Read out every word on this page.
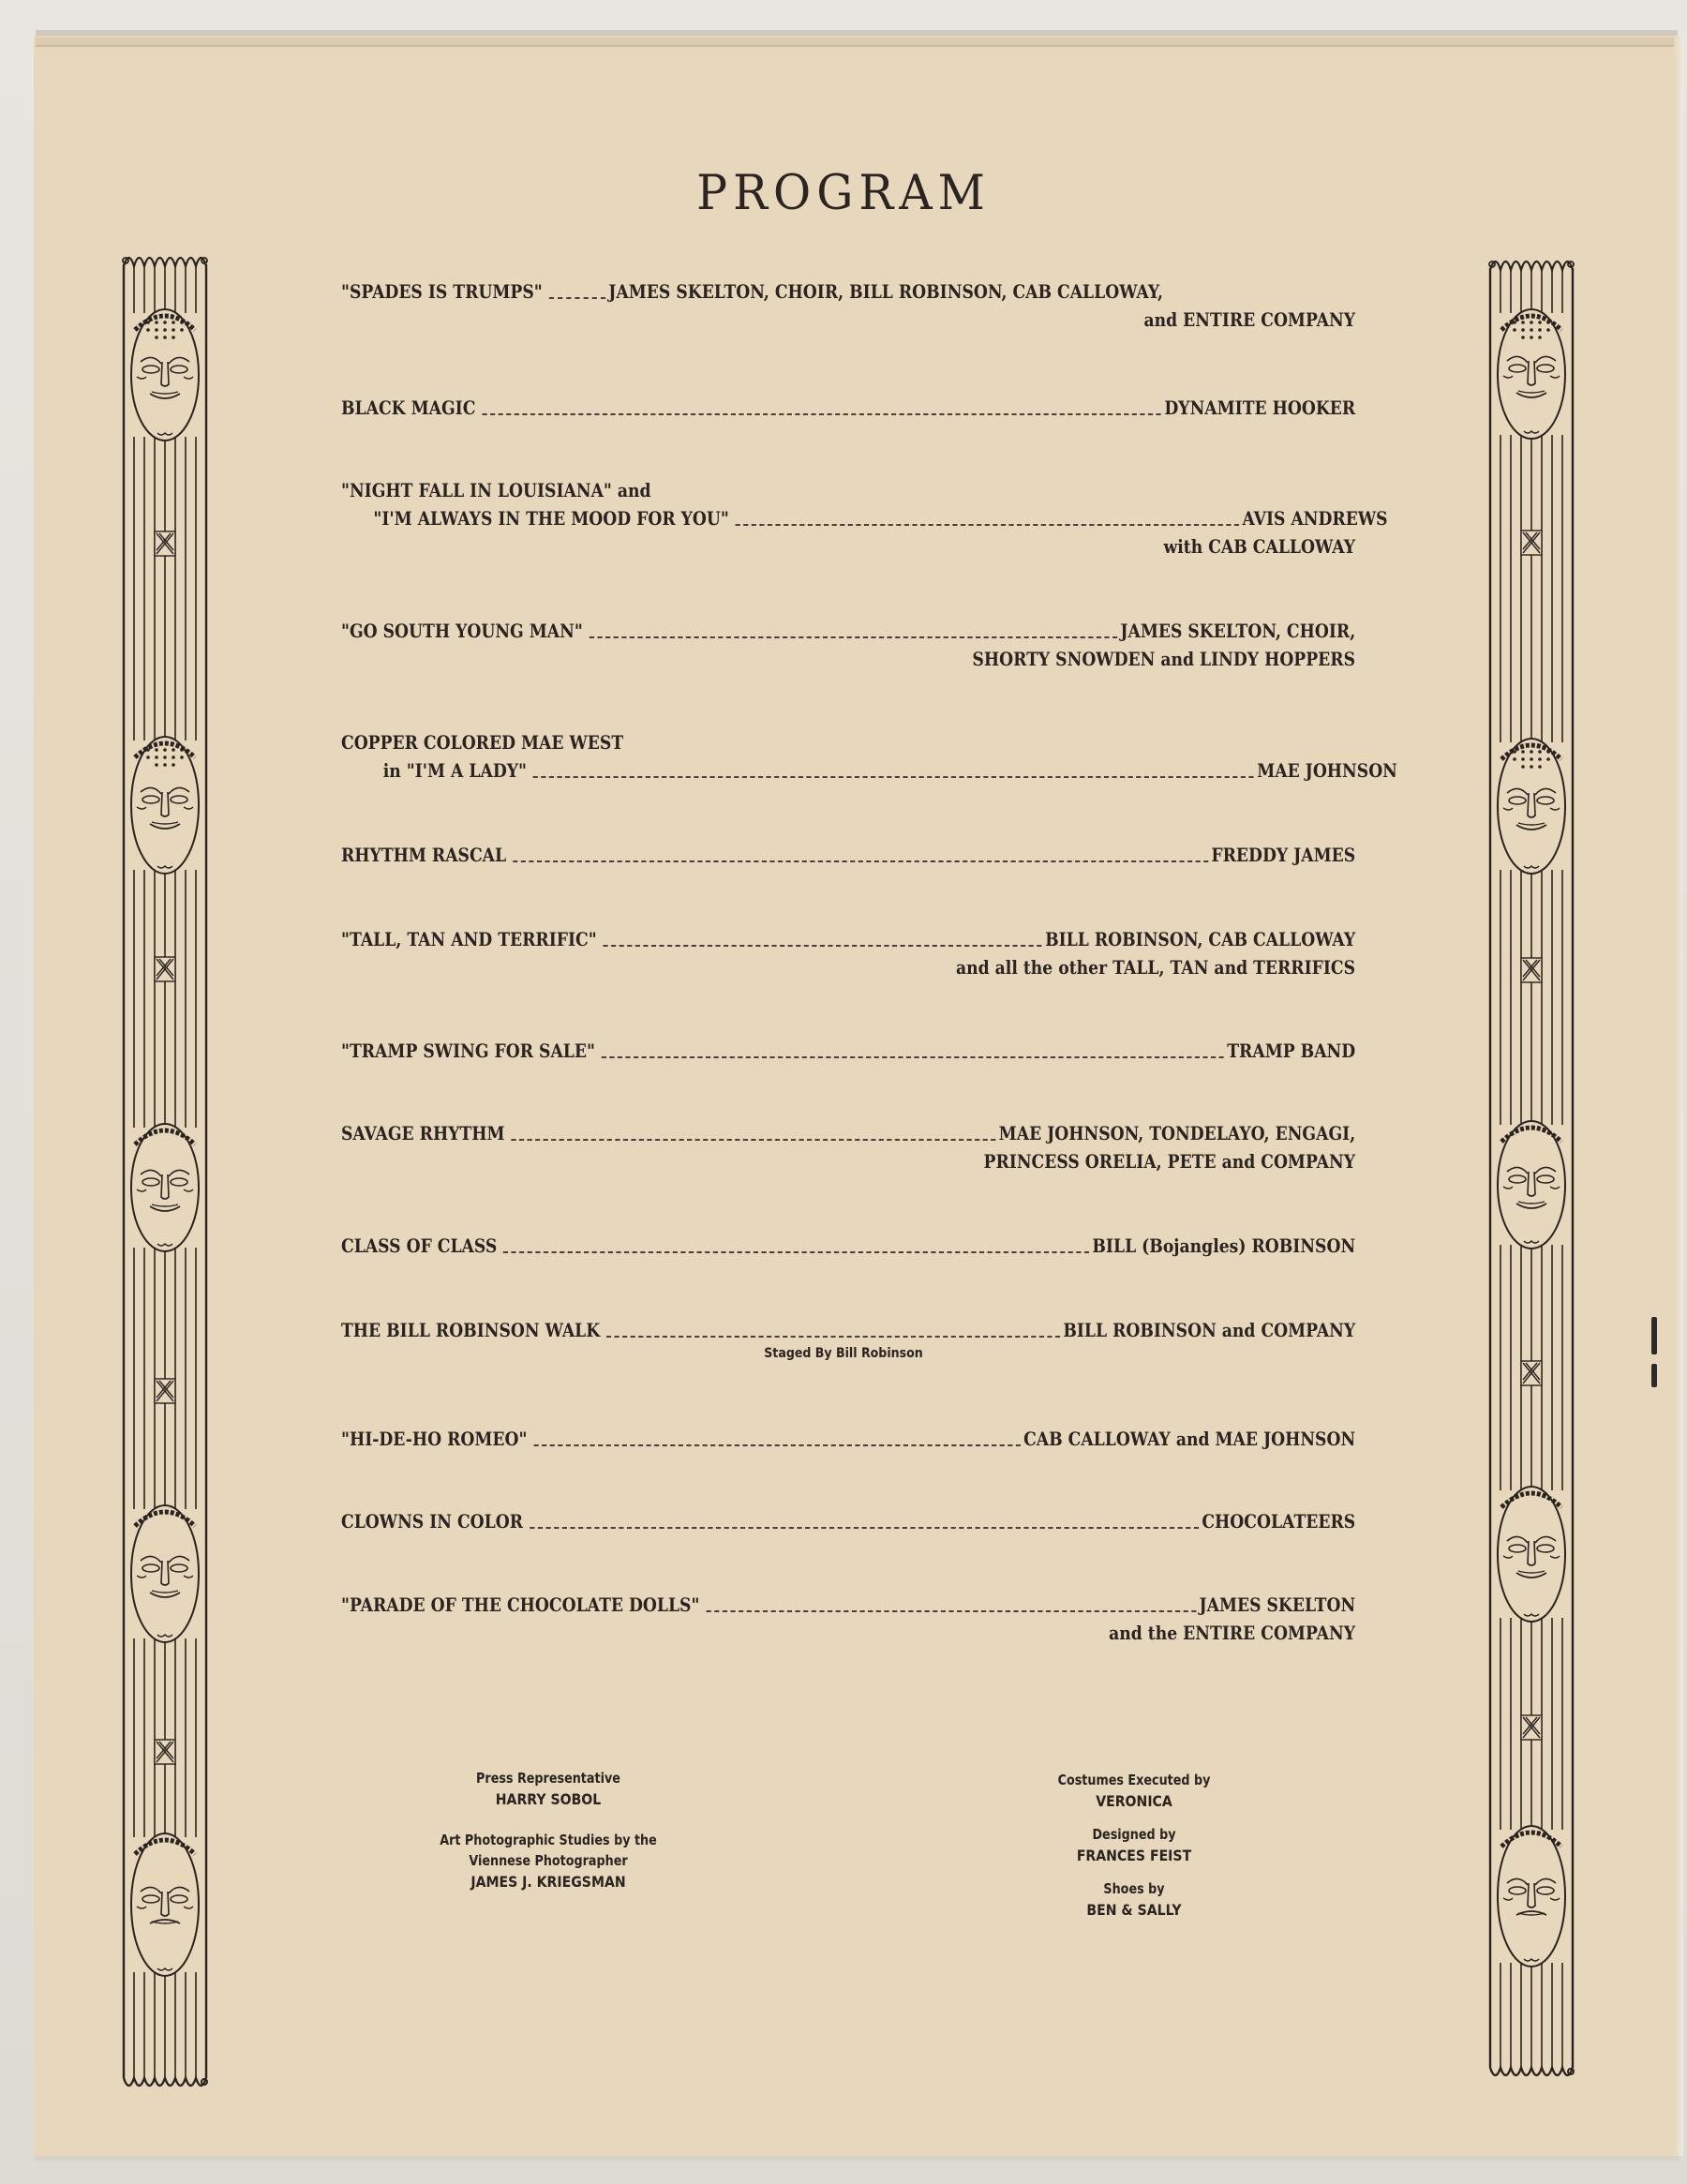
PROGRAM
"SPADES IS TRUMPS"	JAMES SKELTON, CHOIR, BILL ROBINSON, CAB CALLOWAY,
and ENTIRE COMPANY
BLACK MAGIC	DYNAMITE HOOKER
"NIGHT FALL IN LOUISIANA" and
"I'M ALWAYS IN THE MOOD FOR YOU"	AVIS ANDREWS
with CAB CALLOWAY
"GO SOUTH YOUNG MAN"	JAMES SKELTON, CHOIR,
SHORTY SNOWDEN and LINDY HOPPERS
COPPER COLORED MAE WEST
in "I'M A LADY"	MAE JOHNSON
RHYTHM RASCAL	FREDDY JAMES
"TALL, TAN AND TERRIFIC"	BILL ROBINSON, CAB CALLOWAY
and all the other TALL, TAN and TERRIFICS
"TRAMP SWING FOR SALE"	TRAMP BAND
SAVAGE RHYTHM	MAE JOHNSON, TONDELAYO, ENGAGI,
PRINCESS ORELIA, PETE and COMPANY
CLASS OF CLASS	BILL (Bojangles) ROBINSON
THE BILL ROBINSON WALK	BILL ROBINSON and COMPANY
Staged By Bill Robinson
"HI-DE-HO ROMEO"	CAB CALLOWAY and MAE JOHNSON
CLOWNS IN COLOR	CHOCOLATEERS
"PARADE OF THE CHOCOLATE DOLLS"	JAMES SKELTON
and the ENTIRE COMPANY
Press Representative
HARRY SOBOL
Art Photographic Studies by the
Viennese Photographer
JAMES J. KRIEGSMAN
Costumes Executed by
VERONICA
Designed by
FRANCES FEIST
Shoes by
BEN & SALLY
